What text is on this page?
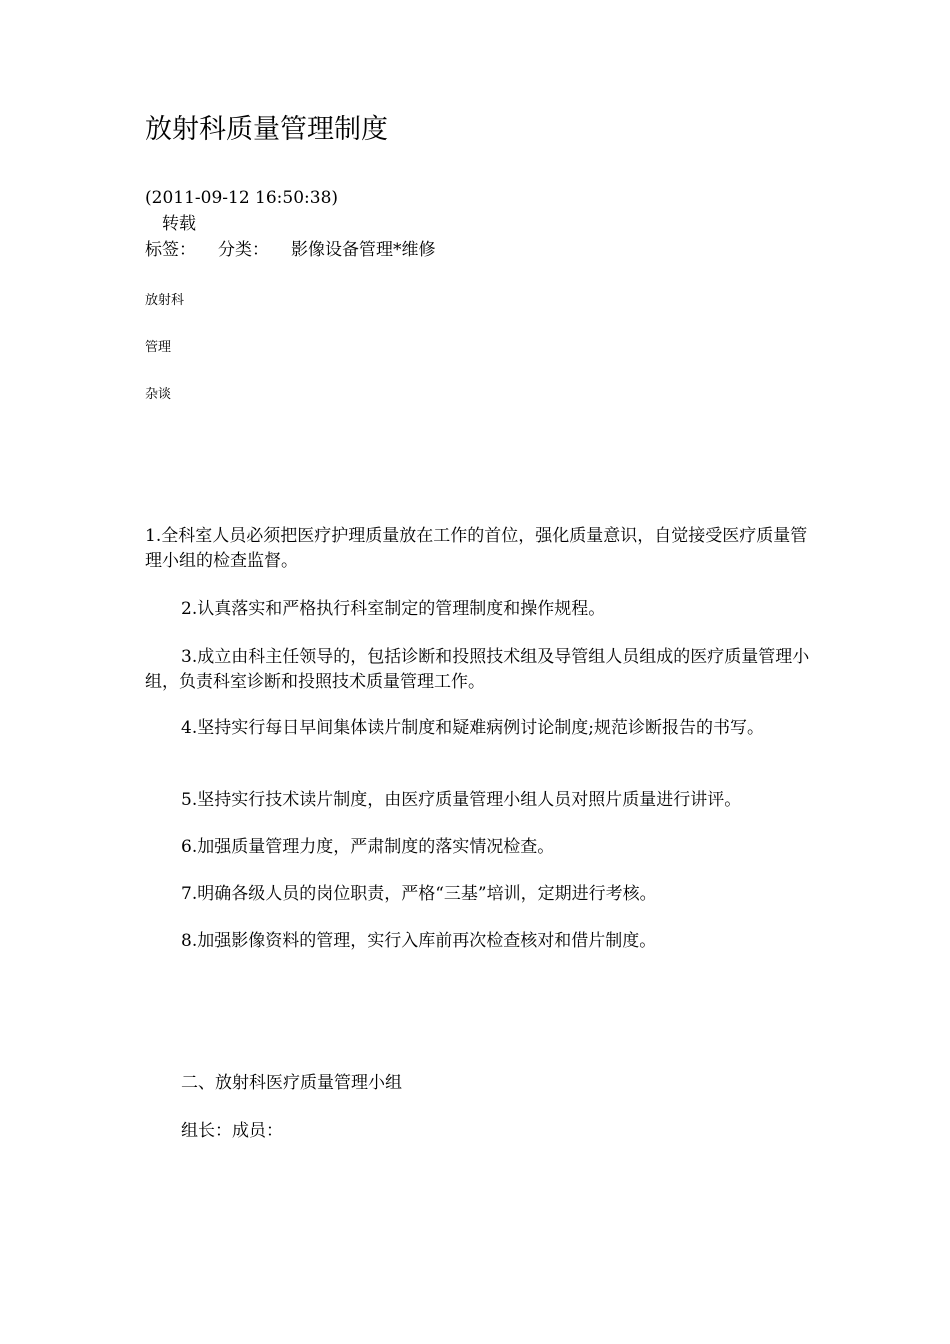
放射科质量管理制度
(2011-09-12 16:50:38)
转载
标签： 分类： 影像设备管理*维修
放射科
管理
杂谈

1.全科室人员必须把医疗护理质量放在工作的首位，强化质量意识，自觉接受医疗质量管理小组的检查监督。

2.认真落实和严格执行科室制定的管理制度和操作规程。

3.成立由科主任领导的，包括诊断和投照技术组及导管组人员组成的医疗质量管理小组，负责科室诊断和投照技术质量管理工作。

4.坚持实行每日早间集体读片制度和疑难病例讨论制度;规范诊断报告的书写。

5.坚持实行技术读片制度，由医疗质量管理小组人员对照片质量进行讲评。

6.加强质量管理力度，严肃制度的落实情况检查。

7.明确各级人员的岗位职责，严格“三基”培训，定期进行考核。

8.加强影像资料的管理，实行入库前再次检查核对和借片制度。

二、放射科医疗质量管理小组

组长：成员：
